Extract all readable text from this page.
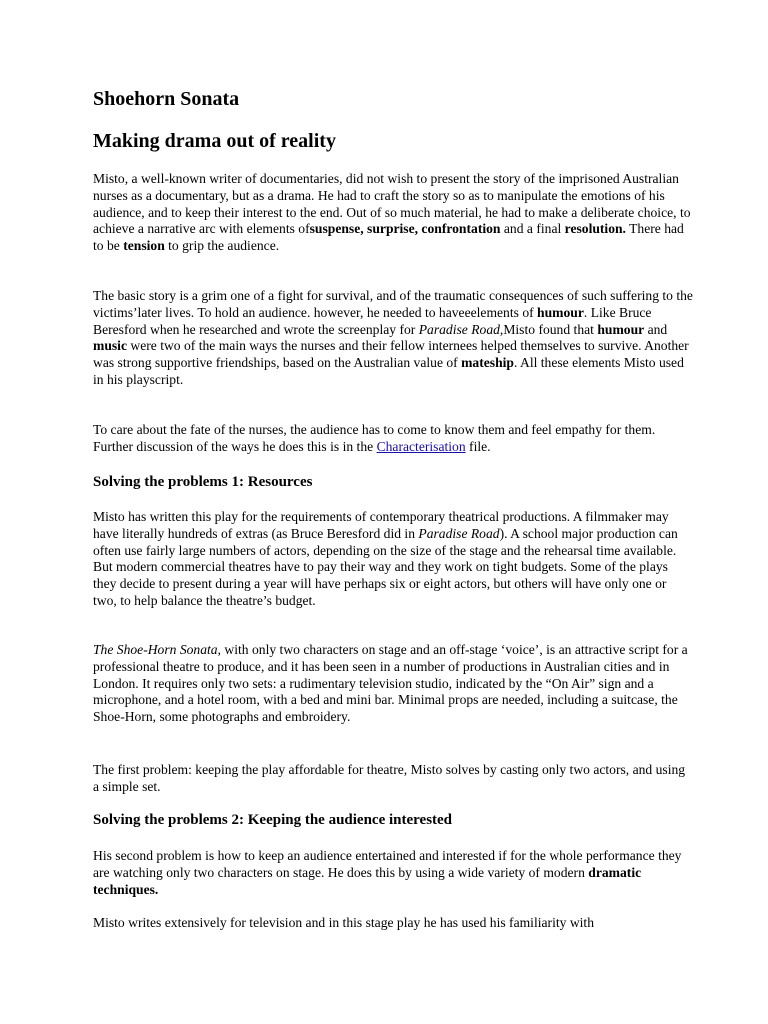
Shoehorn Sonata
Making drama out of reality

Misto, a well-known writer of documentaries, did not wish to present the story of the imprisoned Australian nurses as a documentary, but as a drama. He had to craft the story so as to manipulate the emotions of his audience, and to keep their interest to the end. Out of so much material, he had to make a deliberate choice, to achieve a narrative arc with elements ofsuspense, surprise, confrontation and a final resolution. There had to be tension to grip the audience.

The basic story is a grim one of a fight for survival, and of the traumatic consequences of such suffering to the victims’later lives. To hold an audience. however, he needed to haveeelements of humour. Like Bruce Beresford when he researched and wrote the screenplay for Paradise Road,Misto found that humour and music were two of the main ways the nurses and their fellow internees helped themselves to survive. Another was strong supportive friendships, based on the Australian value of mateship. All these elements Misto used in his playscript.

To care about the fate of the nurses, the audience has to come to know them and feel empathy for them. Further discussion of the ways he does this is in the Characterisation file.

Solving the problems 1: Resources

Misto has written this play for the requirements of contemporary theatrical productions. A filmmaker may have literally hundreds of extras (as Bruce Beresford did in Paradise Road). A school major production can often use fairly large numbers of actors, depending on the size of the stage and the rehearsal time available. But modern commercial theatres have to pay their way and they work on tight budgets. Some of the plays they decide to present during a year will have perhaps six or eight actors, but others will have only one or two, to help balance the theatre’s budget.

The Shoe-Horn Sonata, with only two characters on stage and an off-stage ‘voice’, is an attractive script for a professional theatre to produce, and it has been seen in a number of productions in Australian cities and in London. It requires only two sets: a rudimentary television studio, indicated by the “On Air” sign and a microphone, and a hotel room, with a bed and mini bar. Minimal props are needed, including a suitcase, the Shoe-Horn, some photographs and embroidery.

The first problem: keeping the play affordable for theatre, Misto solves by casting only two actors, and using a simple set.

Solving the problems 2: Keeping the audience interested

His second problem is how to keep an audience entertained and interested if for the whole performance they are watching only two characters on stage. He does this by using a wide variety of modern dramatic techniques.

Misto writes extensively for television and in this stage play he has used his familiarity with
